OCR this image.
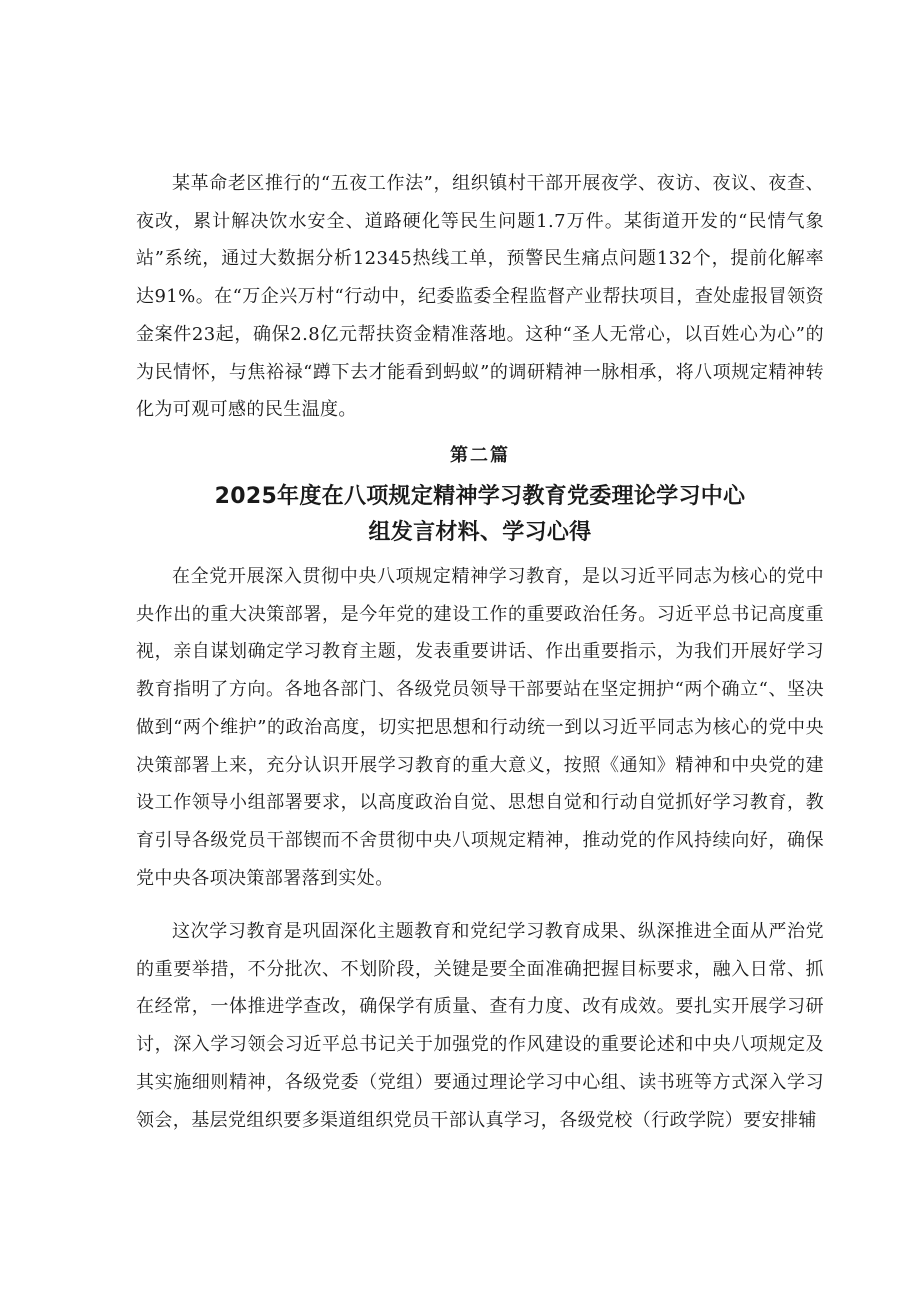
某革命老区推行的“五夜工作法”，组织镇村干部开展夜学、夜访、夜议、夜查、夜改，累计解决饮水安全、道路硬化等民生问题1.7万件。某街道开发的“民情气象站”系统，通过大数据分析12345热线工单，预警民生痛点问题132个，提前化解率达91%。在“万企兴万村“行动中，纪委监委全程监督产业帮扶项目，查处虚报冒领资金案件23起，确保2.8亿元帮扶资金精准落地。这种“圣人无常心，以百姓心为心”的为民情怀，与焦裕禄“蹲下去才能看到蚂蚁”的调研精神一脉相承，将八项规定精神转化为可观可感的民生温度。

第二篇

2025年度在八项规定精神学习教育党委理论学习中心

组发言材料、学习心得

在全党开展深入贯彻中央八项规定精神学习教育，是以习近平同志为核心的党中央作出的重大决策部署，是今年党的建设工作的重要政治任务。习近平总书记高度重视，亲自谋划确定学习教育主题，发表重要讲话、作出重要指示，为我们开展好学习教育指明了方向。各地各部门、各级党员领导干部要站在坚定拥护“两个确立“、坚决做到“两个维护”的政治高度，切实把思想和行动统一到以习近平同志为核心的党中央决策部署上来，充分认识开展学习教育的重大意义，按照《通知》精神和中央党的建设工作领导小组部署要求，以高度政治自觉、思想自觉和行动自觉抓好学习教育，教育引导各级党员干部锲而不舍贯彻中央八项规定精神，推动党的作风持续向好，确保党中央各项决策部署落到实处。

这次学习教育是巩固深化主题教育和党纪学习教育成果、纵深推进全面从严治党的重要举措，不分批次、不划阶段，关键是要全面准确把握目标要求，融入日常、抓在经常，一体推进学查改，确保学有质量、查有力度、改有成效。要扎实开展学习研讨，深入学习领会习近平总书记关于加强党的作风建设的重要论述和中央八项规定及其实施细则精神，各级党委（党组）要通过理论学习中心组、读书班等方式深入学习领会，基层党组织要多渠道组织党员干部认真学习，各级党校（行政学院）要安排辅
